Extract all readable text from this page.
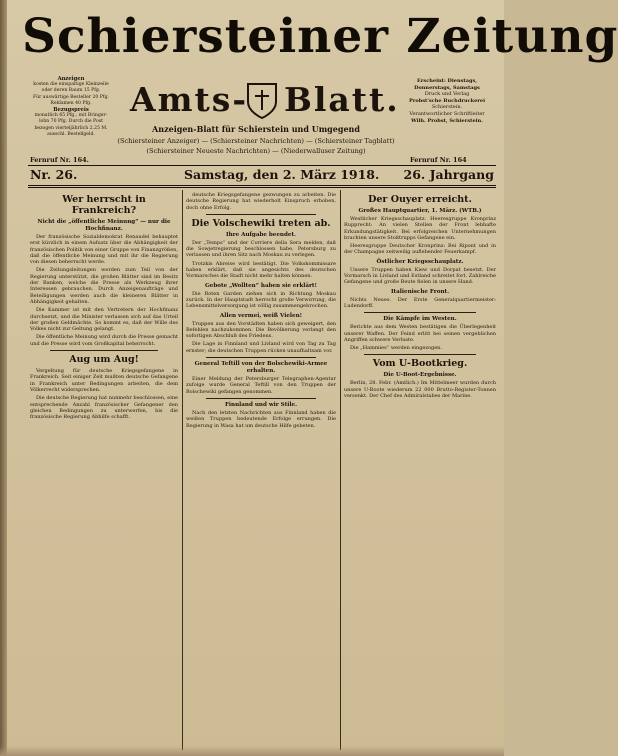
Schiersteiner Zeitung
Anzeigen
kosten die einspaltige Kleinzeile
oder deren Raum 15 Pfg.
Für auswärtige Besteller 20 Pfg.
Reklamen 40 Pfg.
Bezugspreis
monatlich 65 Pfg., mit Bringer-
lohn 70 Pfg. Durch die Post
bezogen vierteljährlich 2.25 M.
ausschl. Bestellgeld.
Amts- Blatt.	Erscheint: Dienstags,
Donnerstags, Samstags
Druck und Verlag
Probst'sche Buchdruckerei
Schierstein.
Verantwortlicher Schriftleiter
Wilh. Probst, Schierstein.
Anzeigen-Blatt für Schierstein und Umgegend
(Schiersteiner Anzeiger) — (Schiersteiner Nachrichten) — (Schiersteiner Tagblatt) (Schiersteiner Neueste Nachrichten) — (Niederwalluser Zeitung)
Fernruf Nr. 164.	Fernruf Nr. 164
Nr. 26.	Samstag, den 2. März 1918. 26. Jahrgang
Wer herrscht in Frankreich?
Nicht die „öffentliche Meinung“ — nur die Hochfinanz.

Der französische Sozialdemokrat Renaudel behauptet erst kürzlich in einem Aufsatz über die Abhängigkeit der französischen Politik von einer Gruppe von Finanzgrößen, daß die öffentliche Meinung und mit ihr die Regierung von diesen beherrscht werde.

Die Zeitungsleitungen werden zum Teil von der Regierung unterstützt, die großen Blätter sind im Besitz der Banken, welche die Presse als Werkzeug ihrer Interessen gebrauchen. Durch Anzeigenaufträge und Beteiligungen werden auch die kleineren Blätter in Abhängigkeit gehalten.

Die Kammer ist mit den Vertretern der Hochfinanz durchsetzt, und die Minister verlassen sich auf das Urteil der großen Geldmächte. So kommt es, daß der Wille des Volkes nicht zur Geltung gelangt.

Die öffentliche Meinung wird durch die Presse gemacht und die Presse wird vom Großkapital beherrscht.

Aug um Aug!

Vergeltung für deutsche Kriegsgefangene in Frankreich. Seit einiger Zeit mußten deutsche Gefangene in Frankreich unter Bedingungen arbeiten, die dem Völkerrecht widersprechen.

Die deutsche Regierung hat nunmehr beschlossen, eine entsprechende Anzahl französischer Gefangener den gleichen Bedingungen zu unterwerfen, bis die französische Regierung Abhilfe schafft.

deutsche Kriegsgefangene gezwungen zu arbeiten. Die deutsche Regierung hat wiederholt Einspruch erhoben, doch ohne Erfolg.

Die Volschewiki treten ab.
Ihre Aufgabe beendet.

Der „Temps“ und der Corriere della Sera melden, daß die Sowjetregierung beschlossen habe, Petersburg zu verlassen und ihren Sitz nach Moskau zu verlegen.

Trotzkis Abreise wird bestätigt. Die Volkskommissare haben erklärt, daß sie angesichts des deutschen Vormarsches die Stadt nicht mehr halten können.

Gebote „Wollten“ haben sie erklärt!

Die Roten Garden ziehen sich in Richtung Moskau zurück. In der Hauptstadt herrscht große Verwirrung, die Lebensmittelversorgung ist völlig zusammengebrochen.

Allen vermei, weiß Vielen!

Truppen aus den Vorstädten haben sich geweigert, den Befehlen nachzukommen. Die Bevölkerung verlangt den sofortigen Abschluß des Friedens.

Die Lage in Finnland und Livland wird von Tag zu Tag ernster; die deutschen Truppen rücken unaufhaltsam vor.

General Teftill von der Bolschewiki-Armee erhalten.

Einer Meldung der Petersburger Telegraphen-Agentur zufolge wurde General Teftill von den Truppen der Bolschewiki gefangen genommen.

Finnland und wir Stile.

Nach den letzten Nachrichten aus Finnland haben die weißen Truppen bedeutende Erfolge errungen. Die Regierung in Wasa hat um deutsche Hilfe gebeten.

Der Ouyer erreicht.
Großes Hauptquartier, 1. März. (WTB.)

Westlicher Kriegsschauplatz. Heeresgruppe Kronprinz Rupprecht: An vielen Stellen der Front lebhafte Erkundungstätigkeit. Bei erfolgreichen Unternehmungen brachten unsere Stoßtrupps Gefangene ein.

Heeresgruppe Deutscher Kronprinz: Bei Ripont und in der Champagne zeitweilig auflebender Feuerkampf.

Östlicher Kriegsschauplatz.

Unsere Truppen haben Kiew und Dorpat besetzt. Der Vormarsch in Livland und Estland schreitet fort. Zahlreiche Gefangene und große Beute fielen in unsere Hand.

Italienische Front.

Nichts Neues. Der Erste Generalquartiermeister: Ludendorff.

Die Kämpfe im Westen.

Berichte aus dem Westen bestätigen die Überlegenheit unserer Waffen. Der Feind erlitt bei seinen vergeblichen Angriffen schwere Verluste.

Die „Hammies“ werden eingezogen.

Vom U-Bootkrieg.
Die U-Boot-Ergebnisse.

Berlin, 28. Febr. (Amtlich.) Im Mittelmeer wurden durch unsere U-Boote wiederum 22 000 Brutto-Register-Tonnen versenkt. Der Chef des Admiralstabes der Marine.
